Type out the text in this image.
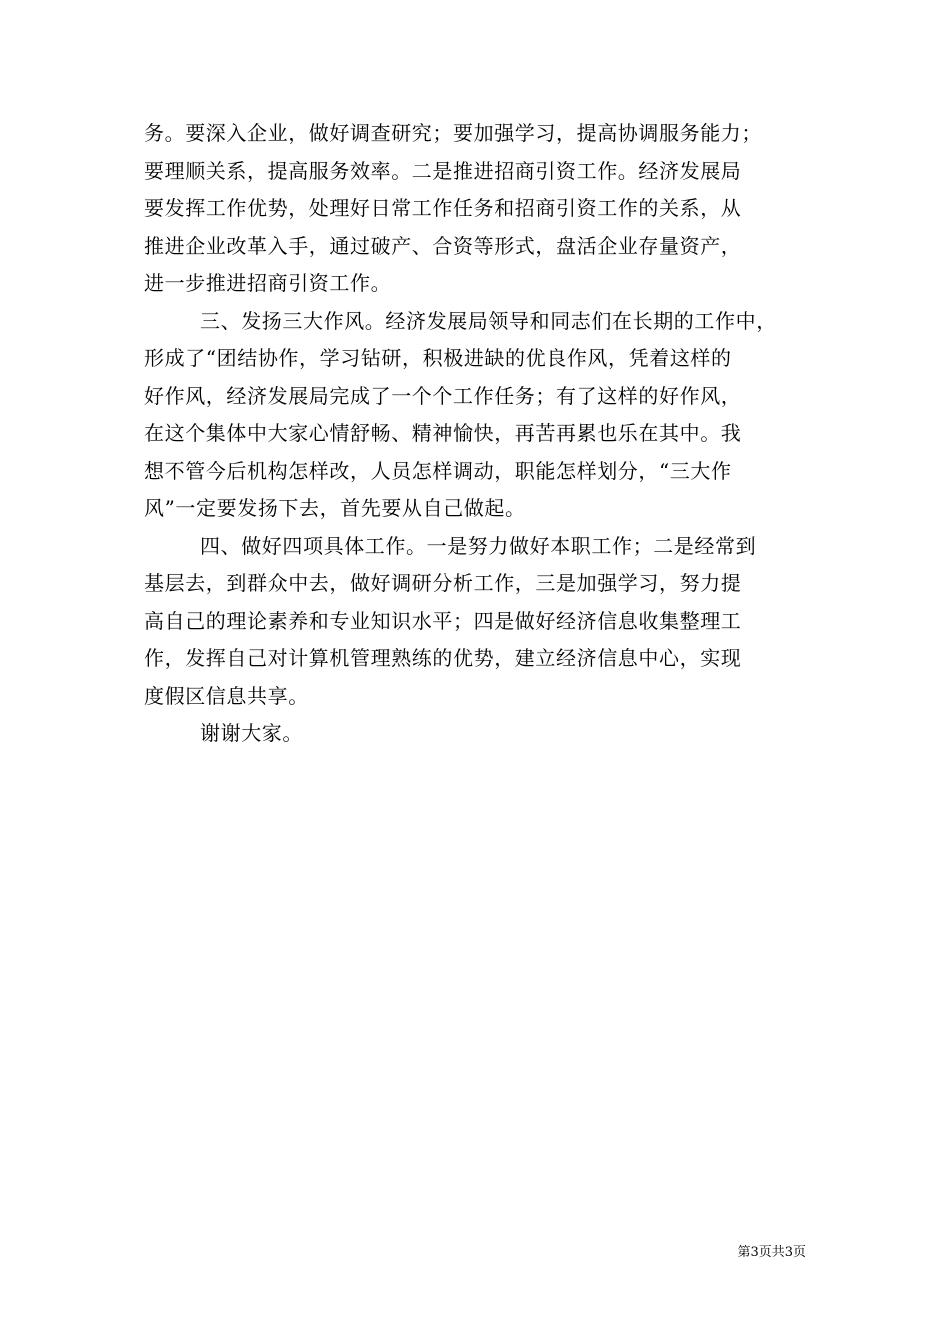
务。要深入企业，做好调查研究；要加强学习，提高协调服务能力；
要理顺关系，提高服务效率。二是推进招商引资工作。经济发展局
要发挥工作优势，处理好日常工作任务和招商引资工作的关系，从
推进企业改革入手，通过破产、合资等形式，盘活企业存量资产，
进一步推进招商引资工作。
三、发扬三大作风。经济发展局领导和同志们在长期的工作中，
形成了“团结协作，学习钻研，积极进缺的优良作风，凭着这样的
好作风，经济发展局完成了一个个工作任务；有了这样的好作风，
在这个集体中大家心情舒畅、精神愉快，再苦再累也乐在其中。我
想不管今后机构怎样改，人员怎样调动，职能怎样划分，“三大作
风”一定要发扬下去，首先要从自己做起。
四、做好四项具体工作。一是努力做好本职工作；二是经常到
基层去，到群众中去，做好调研分析工作，三是加强学习，努力提
高自己的理论素养和专业知识水平；四是做好经济信息收集整理工
作，发挥自己对计算机管理熟练的优势，建立经济信息中心，实现
度假区信息共享。
谢谢大家。
第3页共3页
